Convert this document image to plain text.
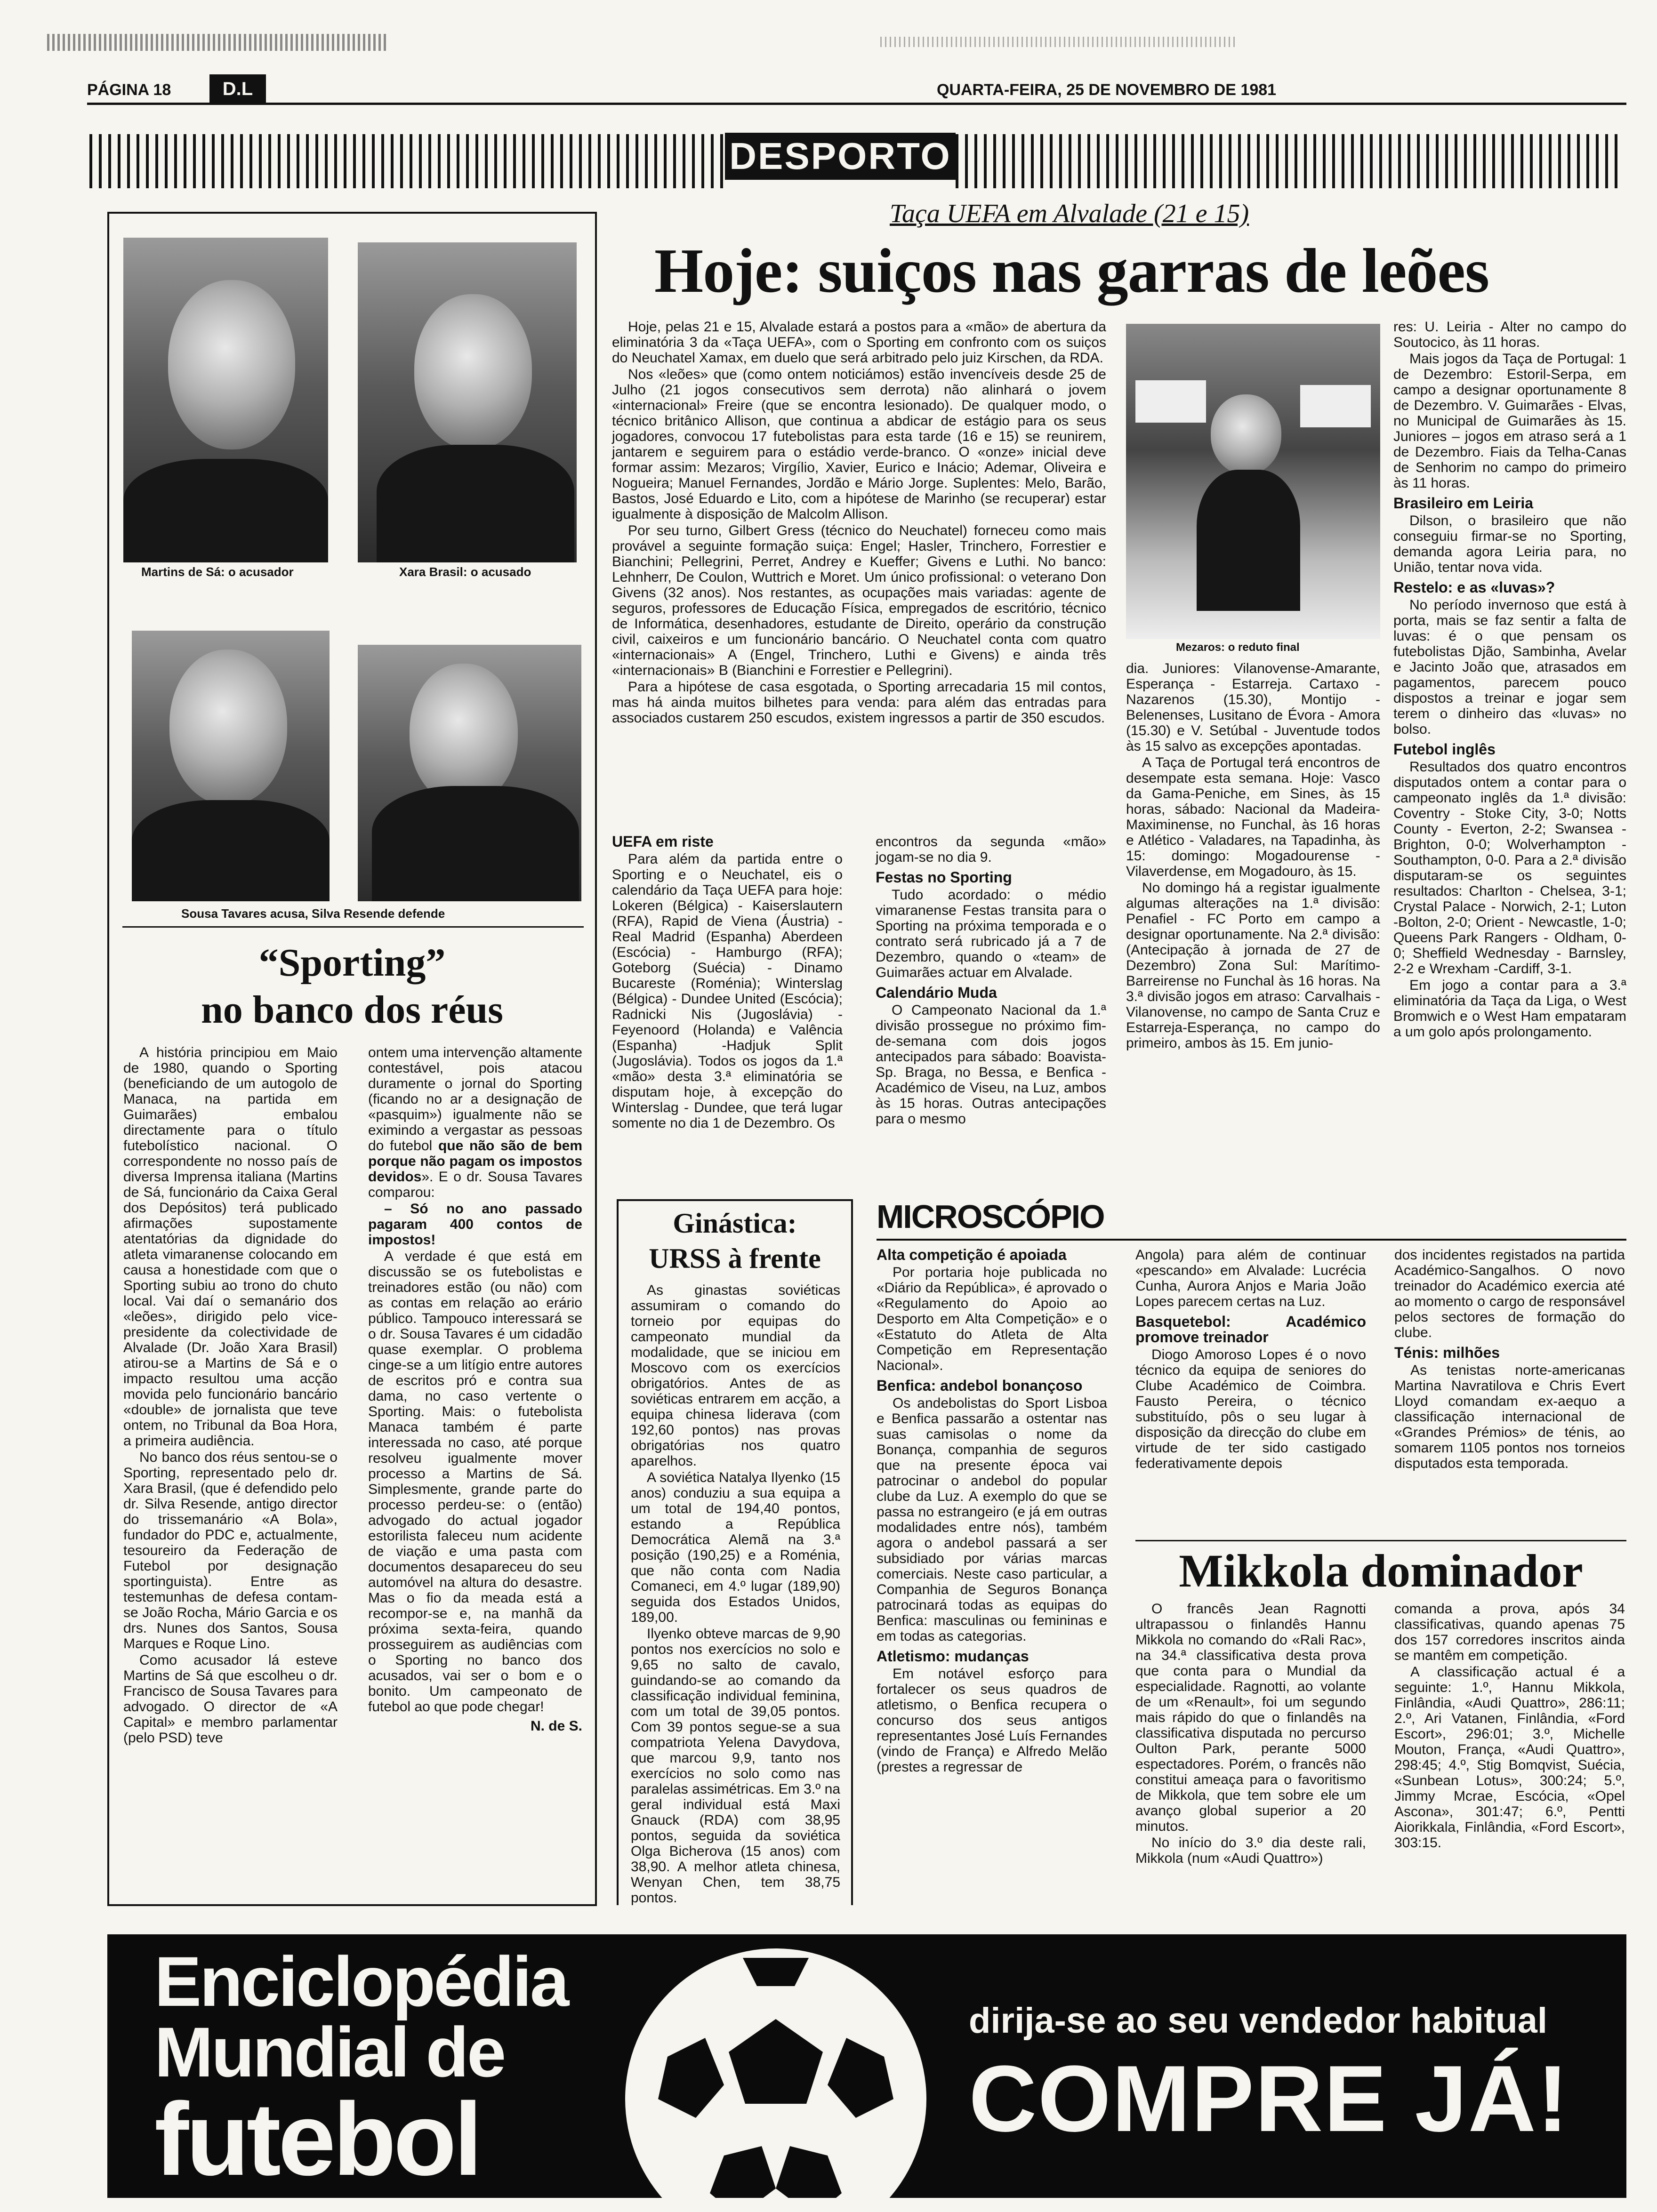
PÁGINA 18	D.L	QUARTA-FEIRA, 25 DE NOVEMBRO DE 1981
DESPORTO
Martins de Sá: o acusador	Xara Brasil: o acusado
Sousa Tavares acusa, Silva Resende defende
“Sporting”
no banco dos réus

A história principiou em Maio de 1980, quando o Sporting (beneficiando de um autogolo de Manaca, na partida em Guimarães) embalou directamente para o título futebolístico nacional. O correspondente no nosso país de diversa Imprensa italiana (Martins de Sá, funcionário da Caixa Geral dos Depósitos) terá publicado afirmações supostamente atentatórias da dignidade do atleta vimaranense colocando em causa a honestidade com que o Sporting subiu ao trono do chuto local. Vai daí o semanário dos «leões», dirigido pelo vice-presidente da colectividade de Alvalade (Dr. João Xara Brasil) atirou-se a Martins de Sá e o impacto resultou uma acção movida pelo funcionário bancário «double» de jornalista que teve ontem, no Tribunal da Boa Hora, a primeira audiência.

No banco dos réus sentou-se o Sporting, representado pelo dr. Xara Brasil, (que é defendido pelo dr. Silva Resende, antigo director do trissemanário «A Bola», fundador do PDC e, actualmente, tesoureiro da Federação de Futebol por designação sportinguista). Entre as testemunhas de defesa contam-se João Rocha, Mário Garcia e os drs. Nunes dos Santos, Sousa Marques e Roque Lino.

Como acusador lá esteve Martins de Sá que escolheu o dr. Francisco de Sousa Tavares para advogado. O director de «A Capital» e membro parlamentar (pelo PSD) teve

ontem uma intervenção altamente contestável, pois atacou duramente o jornal do Sporting (ficando no ar a designação de «pasquim») igualmente não se eximindo a vergastar as pessoas do futebol que não são de bem porque não pagam os impostos devidos». E o dr. Sousa Tavares comparou:

– Só no ano passado pagaram 400 contos de impostos!

A verdade é que está em discussão se os futebolistas e treinadores estão (ou não) com as contas em relação ao erário público. Tampouco interessará se o dr. Sousa Tavares é um cidadão quase exemplar. O problema cinge-se a um litígio entre autores de escritos pró e contra sua dama, no caso vertente o Sporting. Mais: o futebolista Manaca também é parte interessada no caso, até porque resolveu igualmente mover processo a Martins de Sá. Simplesmente, grande parte do processo perdeu-se: o (então) advogado do actual jogador estorilista faleceu num acidente de viação e uma pasta com documentos desapareceu do seu automóvel na altura do desastre. Mas o fio da meada está a recompor-se e, na manhã da próxima sexta-feira, quando prosseguirem as audiências com o Sporting no banco dos acusados, vai ser o bom e o bonito. Um campeonato de futebol ao que pode chegar!

N. de S.
Taça UEFA em Alvalade (21 e 15)
Hoje: suiços nas garras de leões

Hoje, pelas 21 e 15, Alvalade estará a postos para a «mão» de abertura da eliminatória 3 da «Taça UEFA», com o Sporting em confronto com os suiços do Neuchatel Xamax, em duelo que será arbitrado pelo juiz Kirschen, da RDA.

Nos «leões» que (como ontem noticiámos) estão invencíveis desde 25 de Julho (21 jogos consecutivos sem derrota) não alinhará o jovem «internacional» Freire (que se encontra lesionado). De qualquer modo, o técnico britânico Allison, que continua a abdicar de estágio para os seus jogadores, convocou 17 futebolistas para esta tarde (16 e 15) se reunirem, jantarem e seguirem para o estádio verde-branco. O «onze» inicial deve formar assim: Mezaros; Virgílio, Xavier, Eurico e Inácio; Ademar, Oliveira e Nogueira; Manuel Fernandes, Jordão e Mário Jorge. Suplentes: Melo, Barão, Bastos, José Eduardo e Lito, com a hipótese de Marinho (se recuperar) estar igualmente à disposição de Malcolm Allison.

Por seu turno, Gilbert Gress (técnico do Neuchatel) forneceu como mais provável a seguinte formação suiça: Engel; Hasler, Trinchero, Forrestier e Bianchini; Pellegrini, Perret, Andrey e Kueffer; Givens e Luthi. No banco: Lehnherr, De Coulon, Wuttrich e Moret. Um único profissional: o veterano Don Givens (32 anos). Nos restantes, as ocupações mais variadas: agente de seguros, professores de Educação Física, empregados de escritório, técnico de Informática, desenhadores, estudante de Direito, operário da construção civil, caixeiros e um funcionário bancário. O Neuchatel conta com quatro «internacionais» A (Engel, Trinchero, Luthi e Givens) e ainda três «internacionais» B (Bianchini e Forrestier e Pellegrini).

Para a hipótese de casa esgotada, o Sporting arrecadaria 15 mil contos, mas há ainda muitos bilhetes para venda: para além das entradas para associados custarem 250 escudos, existem ingressos a partir de 350 escudos.

Mezaros: o reduto final

dia. Juniores: Vilanovense-Amarante, Esperança - Estarreja. Cartaxo - Nazarenos (15.30), Montijo - Belenenses, Lusitano de Évora - Amora (15.30) e V. Setúbal - Juventude todos às 15 salvo as excepções apontadas.

A Taça de Portugal terá encontros de desempate esta semana. Hoje: Vasco da Gama-Peniche, em Sines, às 15 horas, sábado: Nacional da Madeira-Maximinense, no Funchal, às 16 horas e Atlético - Valadares, na Tapadinha, às 15: domingo: Mogadourense - Vilaverdense, em Mogadouro, às 15.

No domingo há a registar igualmente algumas alterações na 1.ª divisão: Penafiel - FC Porto em campo a designar oportunamente. Na 2.ª divisão: (Antecipação à jornada de 27 de Dezembro) Zona Sul: Marítimo-Barreirense no Funchal às 16 horas. Na 3.ª divisão jogos em atraso: Carvalhais - Vilanovense, no campo de Santa Cruz e Estarreja-Esperança, no campo do primeiro, ambos às 15. Em junio-

res: U. Leiria - Alter no campo do Soutocico, às 11 horas.

Mais jogos da Taça de Portugal: 1 de Dezembro: Estoril-Serpa, em campo a designar oportunamente 8 de Dezembro. V. Guimarães - Elvas, no Municipal de Guimarães às 15. Juniores – jogos em atraso será a 1 de Dezembro. Fiais da Telha-Canas de Senhorim no campo do primeiro às 11 horas.

Brasileiro em Leiria

Dilson, o brasileiro que não conseguiu firmar-se no Sporting, demanda agora Leiria para, no União, tentar nova vida.

Restelo: e as «luvas»?

No período invernoso que está à porta, mais se faz sentir a falta de luvas: é o que pensam os futebolistas Djão, Sambinha, Avelar e Jacinto João que, atrasados em pagamentos, parecem pouco dispostos a treinar e jogar sem terem o dinheiro das «luvas» no bolso.

Futebol inglês

Resultados dos quatro encontros disputados ontem a contar para o campeonato inglês da 1.ª divisão: Coventry - Stoke City, 3-0; Notts County - Everton, 2-2; Swansea - Brighton, 0-0; Wolverhampton - Southampton, 0-0. Para a 2.ª divisão disputaram-se os seguintes resultados: Charlton - Chelsea, 3-1; Crystal Palace - Norwich, 2-1; Luton -Bolton, 2-0; Orient - Newcastle, 1-0; Queens Park Rangers - Oldham, 0-0; Sheffield Wednesday - Barnsley, 2-2 e Wrexham -Cardiff, 3-1.

Em jogo a contar para a 3.ª eliminatória da Taça da Liga, o West Bromwich e o West Ham empataram a um golo após prolongamento.

UEFA em riste

Para além da partida entre o Sporting e o Neuchatel, eis o calendário da Taça UEFA para hoje: Lokeren (Bélgica) - Kaiserslautern (RFA), Rapid de Viena (Áustria) - Real Madrid (Espanha) Aberdeen (Escócia) - Hamburgo (RFA); Goteborg (Suécia) - Dinamo Bucareste (Roménia); Winterslag (Bélgica) - Dundee United (Escócia); Radnicki Nis (Jugoslávia) - Feyenoord (Holanda) e Valência (Espanha) -Hadjuk Split (Jugoslávia). Todos os jogos da 1.ª «mão» desta 3.ª eliminatória se disputam hoje, à excepção do Winterslag - Dundee, que terá lugar somente no dia 1 de Dezembro. Os

encontros da segunda «mão» jogam-se no dia 9.

Festas no Sporting

Tudo acordado: o médio vimaranense Festas transita para o Sporting na próxima temporada e o contrato será rubricado já a 7 de Dezembro, quando o «team» de Guimarães actuar em Alvalade.

Calendário Muda

O Campeonato Nacional da 1.ª divisão prossegue no próximo fim-de-semana com dois jogos antecipados para sábado: Boavista-Sp. Braga, no Bessa, e Benfica - Académico de Viseu, na Luz, ambos às 15 horas. Outras antecipações para o mesmo

Ginástica:
URSS à frente

As ginastas soviéticas assumiram o comando do torneio por equipas do campeonato mundial da modalidade, que se iniciou em Moscovo com os exercícios obrigatórios. Antes de as soviéticas entrarem em acção, a equipa chinesa liderava (com 192,60 pontos) nas provas obrigatórias nos quatro aparelhos.

A soviética Natalya Ilyenko (15 anos) conduziu a sua equipa a um total de 194,40 pontos, estando a República Democrática Alemã na 3.ª posição (190,25) e a Roménia, que não conta com Nadia Comaneci, em 4.º lugar (189,90) seguida dos Estados Unidos, 189,00.

Ilyenko obteve marcas de 9,90 pontos nos exercícios no solo e 9,65 no salto de cavalo, guindando-se ao comando da classificação individual feminina, com um total de 39,05 pontos. Com 39 pontos segue-se a sua compatriota Yelena Davydova, que marcou 9,9, tanto nos exercícios no solo como nas paralelas assimétricas. Em 3.º na geral individual está Maxi Gnauck (RDA) com 38,95 pontos, seguida da soviética Olga Bicherova (15 anos) com 38,90. A melhor atleta chinesa, Wenyan Chen, tem 38,75 pontos.

MICROSCÓPIO
Alta competição é apoiada

Por portaria hoje publicada no «Diário da República», é aprovado o «Regulamento do Apoio ao Desporto em Alta Competição» e o «Estatuto do Atleta de Alta Competição em Representação Nacional».

Benfica: andebol bonançoso

Os andebolistas do Sport Lisboa e Benfica passarão a ostentar nas suas camisolas o nome da Bonança, companhia de seguros que na presente época vai patrocinar o andebol do popular clube da Luz. A exemplo do que se passa no estrangeiro (e já em outras modalidades entre nós), também agora o andebol passará a ser subsidiado por várias marcas comerciais. Neste caso particular, a Companhia de Seguros Bonança patrocinará todas as equipas do Benfica: masculinas ou femininas e em todas as categorias.

Atletismo: mudanças

Em notável esforço para fortalecer os seus quadros de atletismo, o Benfica recupera o concurso dos seus antigos representantes José Luís Fernandes (vindo de França) e Alfredo Melão (prestes a regressar de

Angola) para além de continuar «pescando» em Alvalade: Lucrécia Cunha, Aurora Anjos e Maria João Lopes parecem certas na Luz.

Basquetebol: Académico promove treinador

Diogo Amoroso Lopes é o novo técnico da equipa de seniores do Clube Académico de Coimbra. Fausto Pereira, o técnico substituído, pôs o seu lugar à disposição da direcção do clube em virtude de ter sido castigado federativamente depois

dos incidentes registados na partida Académico-Sangalhos. O novo treinador do Académico exercia até ao momento o cargo de responsável pelos sectores de formação do clube.

Ténis: milhões

As tenistas norte-americanas Martina Navratilova e Chris Evert Lloyd comandam ex-aequo a classificação internacional de «Grandes Prémios» de ténis, ao somarem 1105 pontos nos torneios disputados esta temporada.

Mikkola dominador

O francês Jean Ragnotti ultrapassou o finlandês Hannu Mikkola no comando do «Rali Rac», na 34.ª classificativa desta prova que conta para o Mundial da especialidade. Ragnotti, ao volante de um «Renault», foi um segundo mais rápido do que o finlandês na classificativa disputada no percurso Oulton Park, perante 5000 espectadores. Porém, o francês não constitui ameaça para o favoritismo de Mikkola, que tem sobre ele um avanço global superior a 20 minutos.

No início do 3.º dia deste rali, Mikkola (num «Audi Quattro»)

comanda a prova, após 34 classificativas, quando apenas 75 dos 157 corredores inscritos ainda se mantêm em competição.

A classificação actual é a seguinte: 1.º, Hannu Mikkola, Finlândia, «Audi Quattro», 286:11; 2.º, Ari Vatanen, Finlândia, «Ford Escort», 296:01; 3.º, Michelle Mouton, França, «Audi Quattro», 298:45; 4.º, Stig Bomqvist, Suécia, «Sunbean Lotus», 300:24; 5.º, Jimmy Mcrae, Escócia, «Opel Ascona», 301:47; 6.º, Pentti Aiorikkala, Finlândia, «Ford Escort», 303:15.

Enciclopédia
Mundial de
futebol
dirija-se ao seu vendedor habitual
COMPRE JÁ!
